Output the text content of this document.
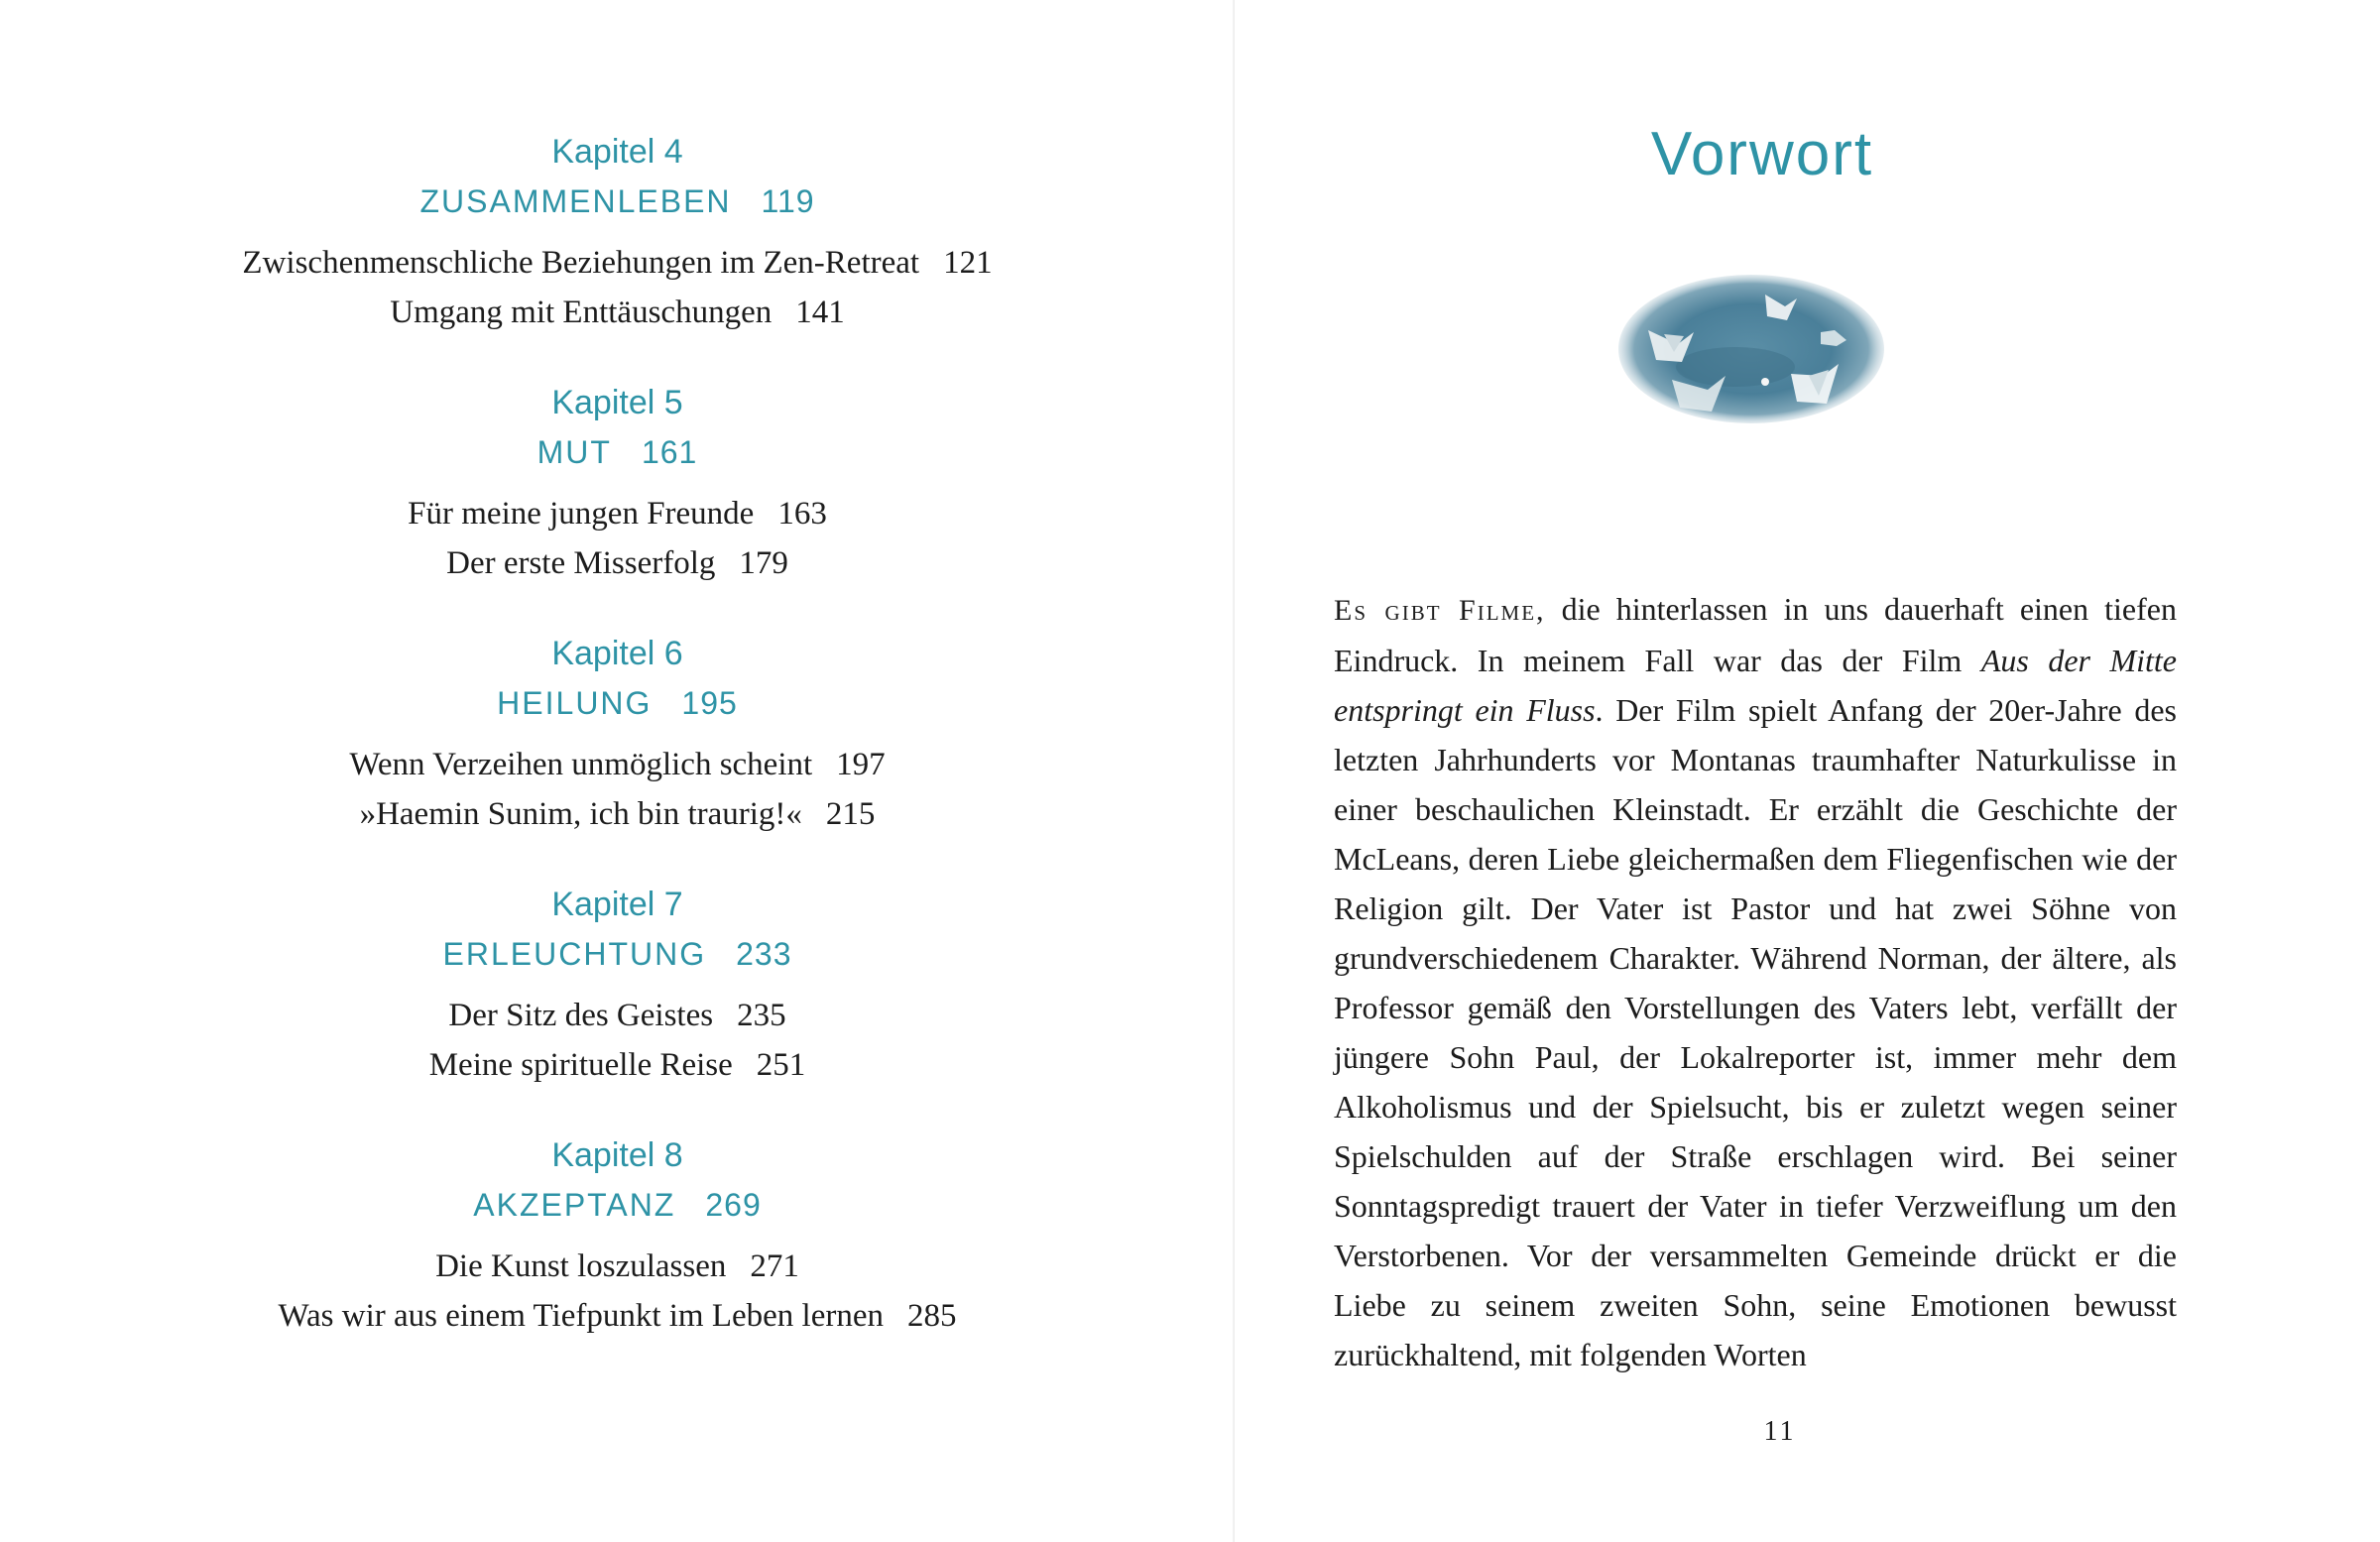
Kapitel 4
ZUSAMMENLEBEN 119
Zwischenmenschliche Beziehungen im Zen-Retreat 121
Umgang mit Enttäuschungen 141
Kapitel 5
MUT 161
Für meine jungen Freunde 163
Der erste Misserfolg 179
Kapitel 6
HEILUNG 195
Wenn Verzeihen unmöglich scheint 197
»Haemin Sunim, ich bin traurig!« 215
Kapitel 7
ERLEUCHTUNG 233
Der Sitz des Geistes 235
Meine spirituelle Reise 251
Kapitel 8
AKZEPTANZ 269
Die Kunst loszulassen 271
Was wir aus einem Tiefpunkt im Leben lernen 285
Vorwort
Es gibt Filme, die hinterlassen in uns dauerhaft einen tiefen Eindruck. In meinem Fall war das der Film Aus der Mitte entspringt ein Fluss. Der Film spielt Anfang der 20er-Jahre des letzten Jahrhunderts vor Montanas traumhafter Naturkulisse in einer beschaulichen Kleinstadt. Er erzählt die Geschichte der McLeans, deren Liebe gleichermaßen dem Fliegenfischen wie der Religion gilt. Der Vater ist Pastor und hat zwei Söhne von grundverschiedenem Charakter. Während Norman, der ältere, als Professor gemäß den Vorstellungen des Vaters lebt, verfällt der jüngere Sohn Paul, der Lokalreporter ist, immer mehr dem Alkoholismus und der Spielsucht, bis er zuletzt wegen seiner Spielschulden auf der Straße erschlagen wird. Bei seiner Sonntagspredigt trauert der Vater in tiefer Verzweiflung um den Verstorbenen. Vor der versammelten Gemeinde drückt er die Liebe zu seinem zweiten Sohn, seine Emotionen bewusst zurückhaltend, mit folgenden Worten
11
